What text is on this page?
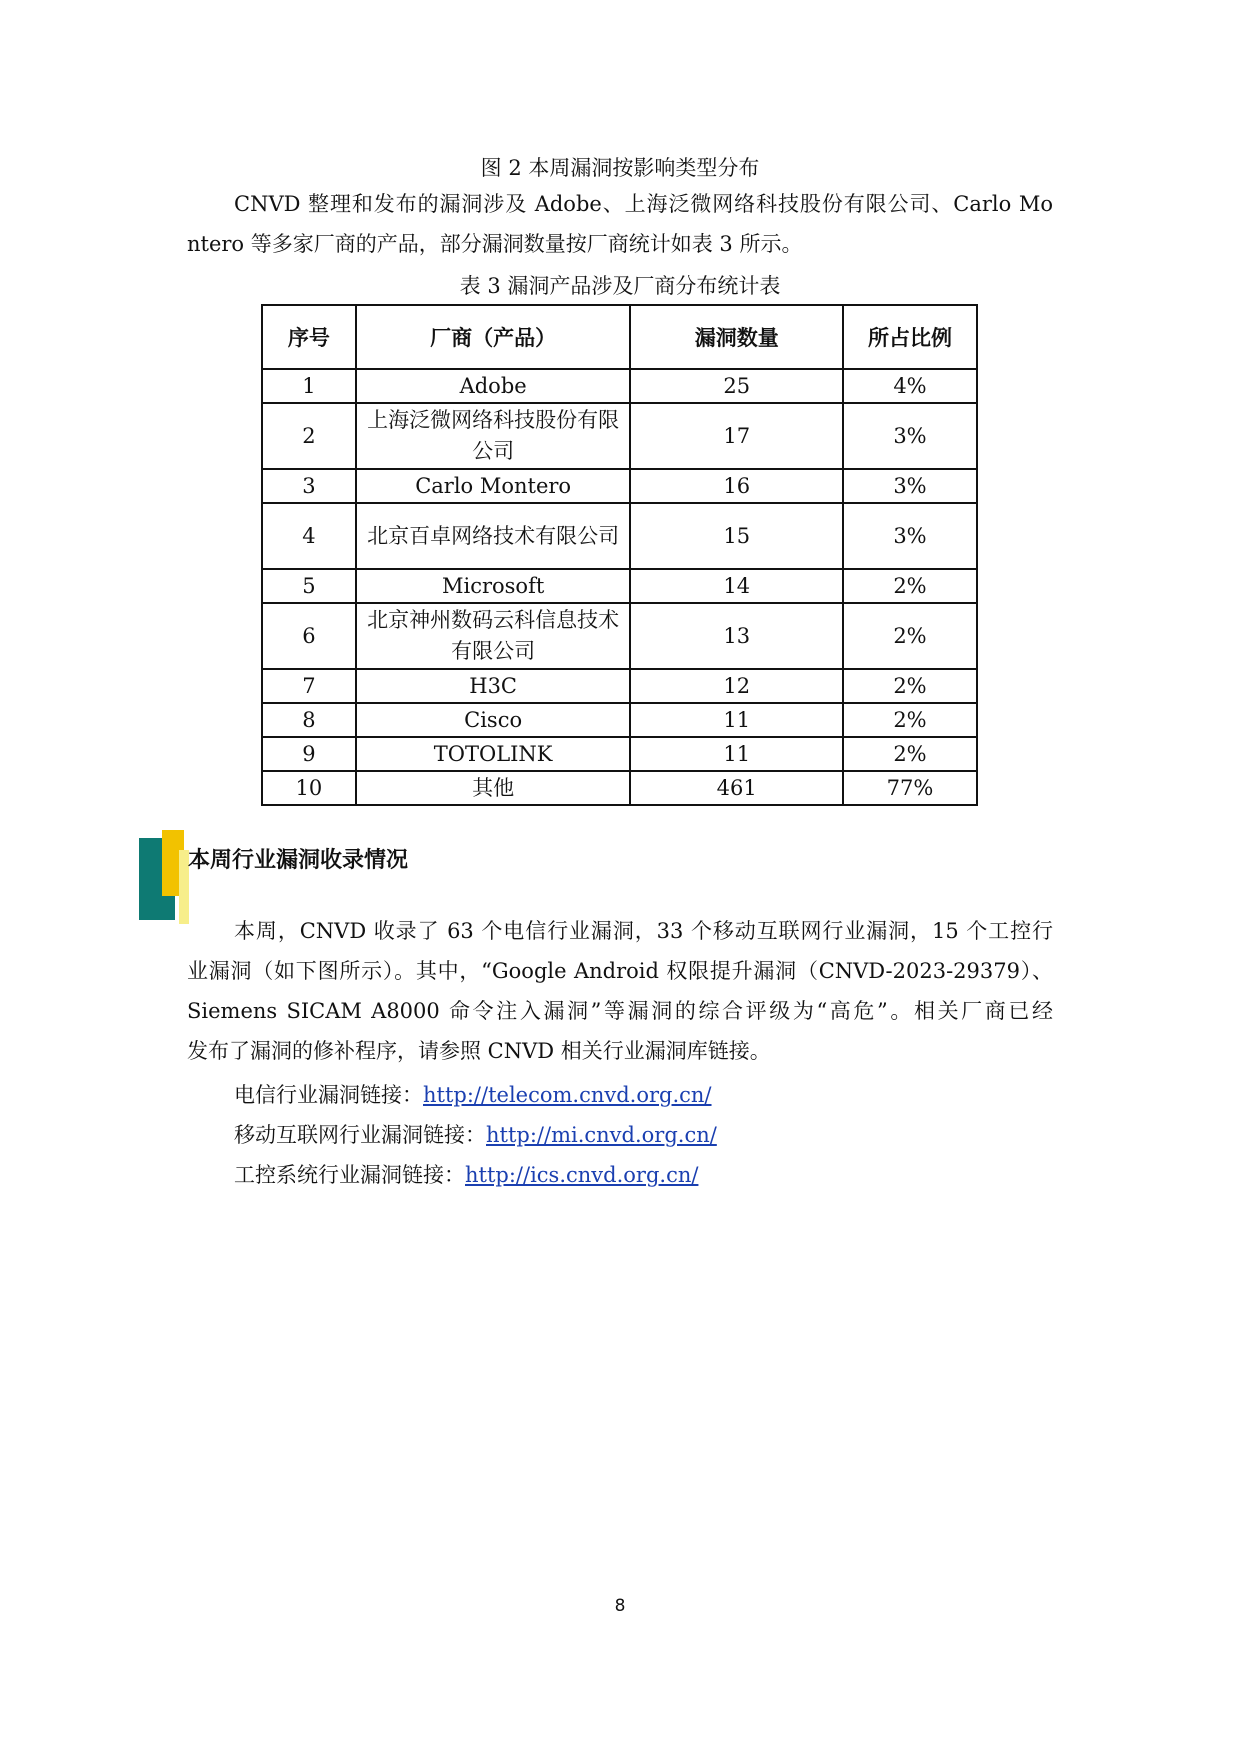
图 2 本周漏洞按影响类型分布
CNVD 整理和发布的漏洞涉及 Adobe、上海泛微网络科技股份有限公司、Carlo Mo
ntero 等多家厂商的产品，部分漏洞数量按厂商统计如表 3 所示。
表 3 漏洞产品涉及厂商分布统计表
序号	厂商（产品）	漏洞数量	所占比例
1	Adobe	25	4%
2	上海泛微网络科技股份有限公司	17	3%
3	Carlo Montero	16	3%
4	北京百卓网络技术有限公司	15	3%
5	Microsoft	14	2%
6	北京神州数码云科信息技术有限公司	13	2%
7	H3C	12	2%
8	Cisco	11	2%
9	TOTOLINK	11	2%
10	其他	461	77%
本周行业漏洞收录情况
本周，CNVD 收录了 63 个电信行业漏洞，33 个移动互联网行业漏洞，15 个工控行
业漏洞（如下图所示）。其中，“Google Android 权限提升漏洞（CNVD-2023-29379）、
Siemens SICAM A8000 命令注入漏洞”等漏洞的综合评级为“高危”。相关厂商已经
发布了漏洞的修补程序，请参照 CNVD 相关行业漏洞库链接。
电信行业漏洞链接：http://telecom.cnvd.org.cn/
移动互联网行业漏洞链接：http://mi.cnvd.org.cn/
工控系统行业漏洞链接：http://ics.cnvd.org.cn/
8
